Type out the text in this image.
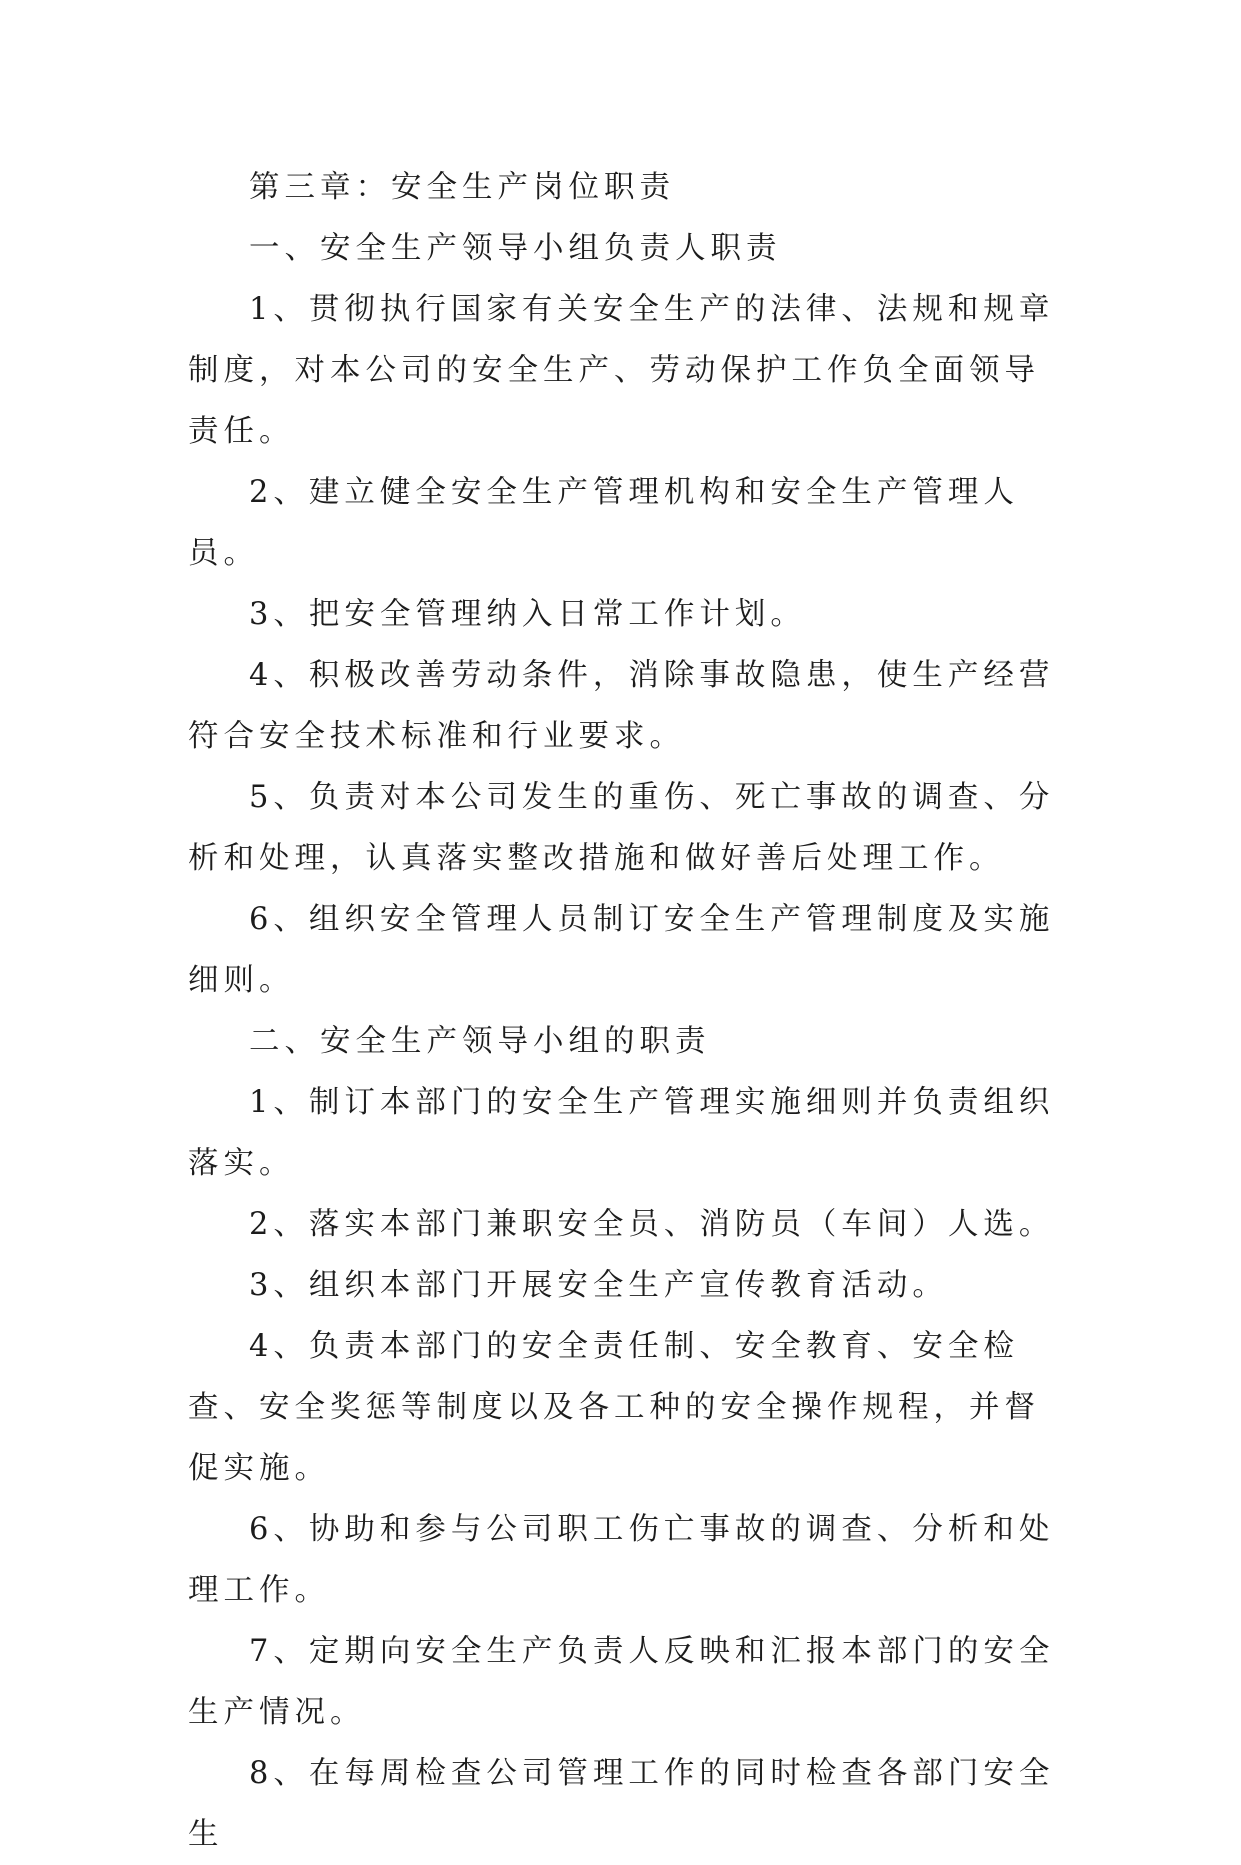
第三章：安全生产岗位职责

一、安全生产领导小组负责人职责

1、贯彻执行国家有关安全生产的法律、法规和规章制度，对本公司的安全生产、劳动保护工作负全面领导责任。

2、建立健全安全生产管理机构和安全生产管理人员。

3、把安全管理纳入日常工作计划。

4、积极改善劳动条件，消除事故隐患，使生产经营符合安全技术标准和行业要求。

5、负责对本公司发生的重伤、死亡事故的调查、分析和处理，认真落实整改措施和做好善后处理工作。

6、组织安全管理人员制订安全生产管理制度及实施细则。

二、安全生产领导小组的职责

1、制订本部门的安全生产管理实施细则并负责组织落实。

2、落实本部门兼职安全员、消防员（车间）人选。

3、组织本部门开展安全生产宣传教育活动。

4、负责本部门的安全责任制、安全教育、安全检查、安全奖惩等制度以及各工种的安全操作规程，并督促实施。

6、协助和参与公司职工伤亡事故的调查、分析和处理工作。

7、定期向安全生产负责人反映和汇报本部门的安全生产情况。

8、在每周检查公司管理工作的同时检查各部门安全生
